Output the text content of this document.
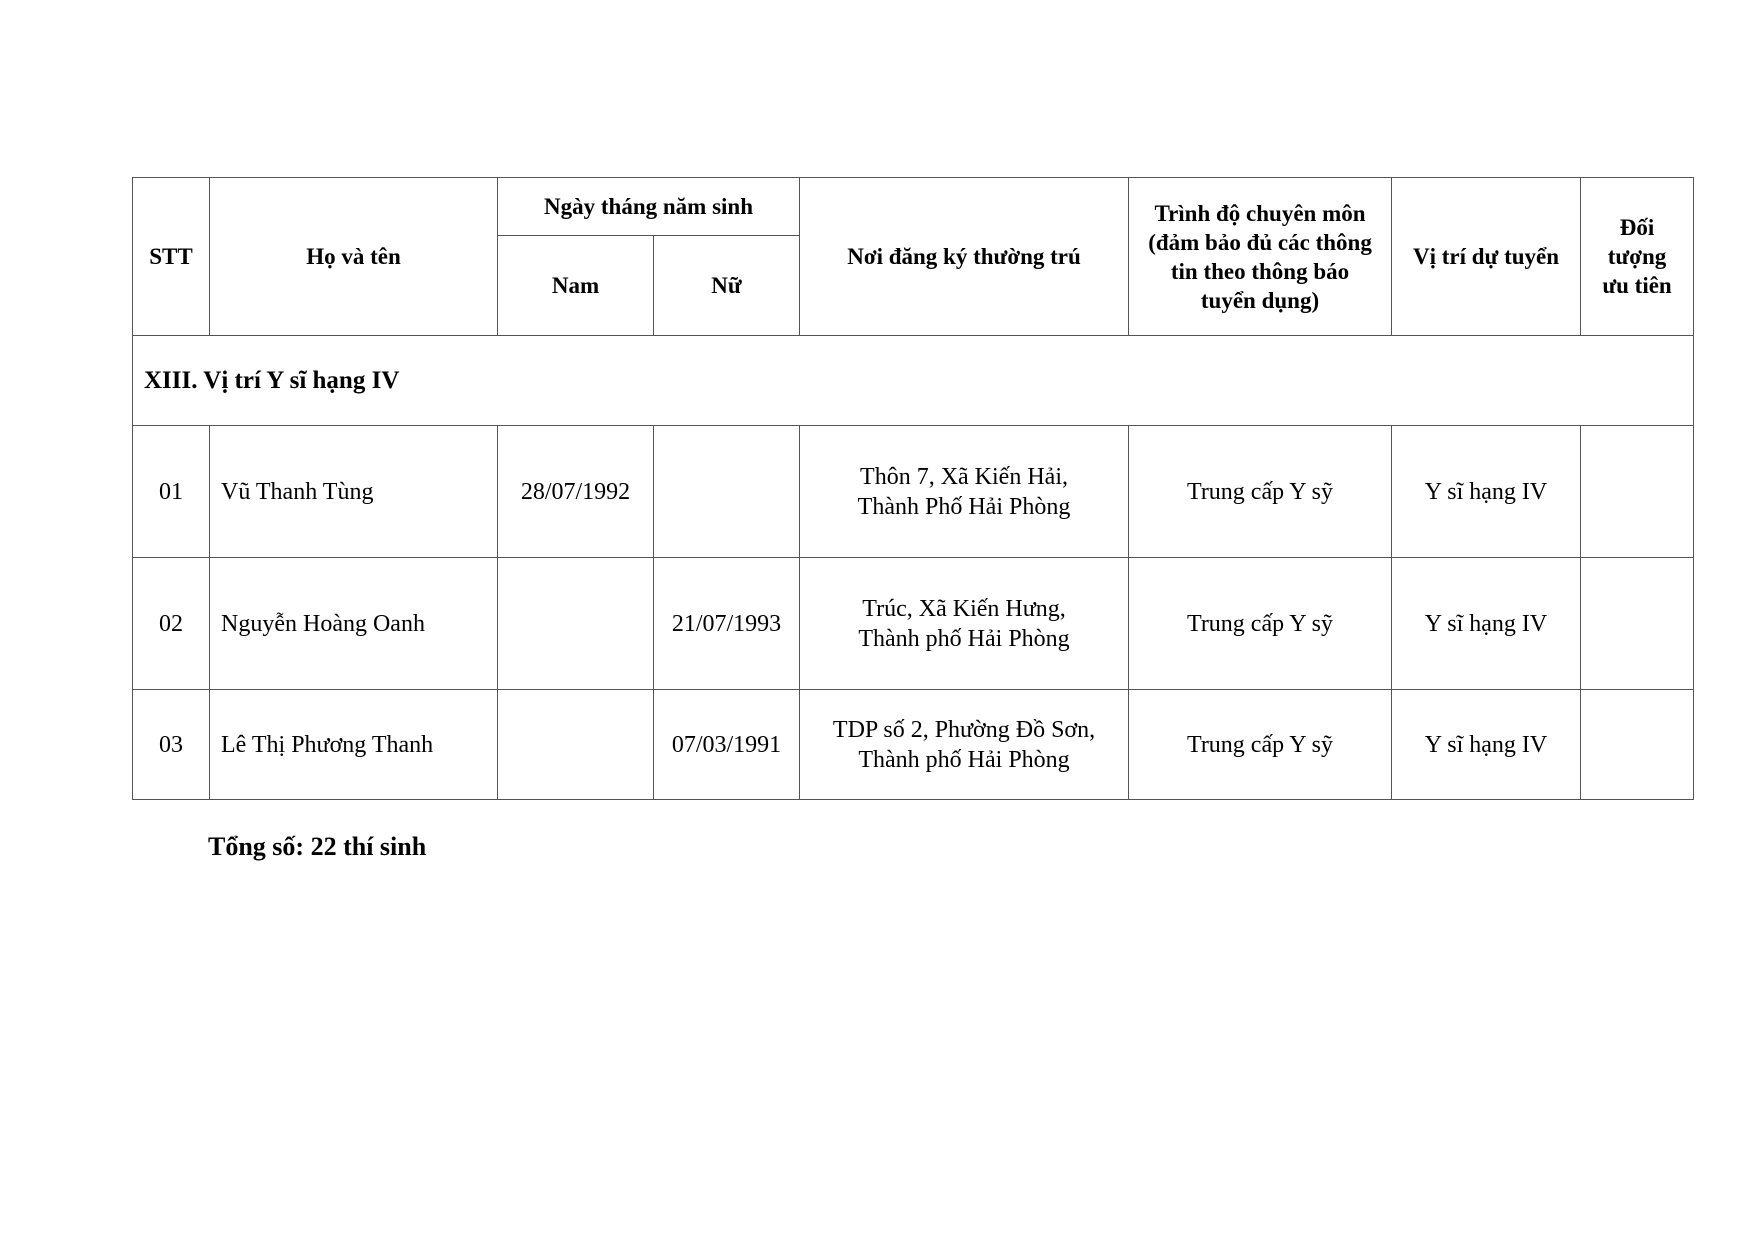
STT	Họ và tên	Ngày tháng năm sinh		Nơi đăng ký thường trú	Trình độ chuyên môn (đảm bảo đủ các thông tin theo thông báo tuyển dụng)	Vị trí dự tuyển	Đối tượng ưu tiên
		Nam	Nữ				
XIII. Vị trí Y sĩ hạng IV							
01	Vũ Thanh Tùng	28/07/1992		Thôn 7, Xã Kiến Hải, Thành Phố Hải Phòng	Trung cấp Y sỹ	Y sĩ hạng IV	
02	Nguyễn Hoàng Oanh		21/07/1993	Trúc, Xã Kiến Hưng, Thành phố Hải Phòng	Trung cấp Y sỹ	Y sĩ hạng IV	
03	Lê Thị Phương Thanh		07/03/1991	TDP số 2, Phường Đồ Sơn, Thành phố Hải Phòng	Trung cấp Y sỹ	Y sĩ hạng IV	
Tổng số: 22 thí sinh
